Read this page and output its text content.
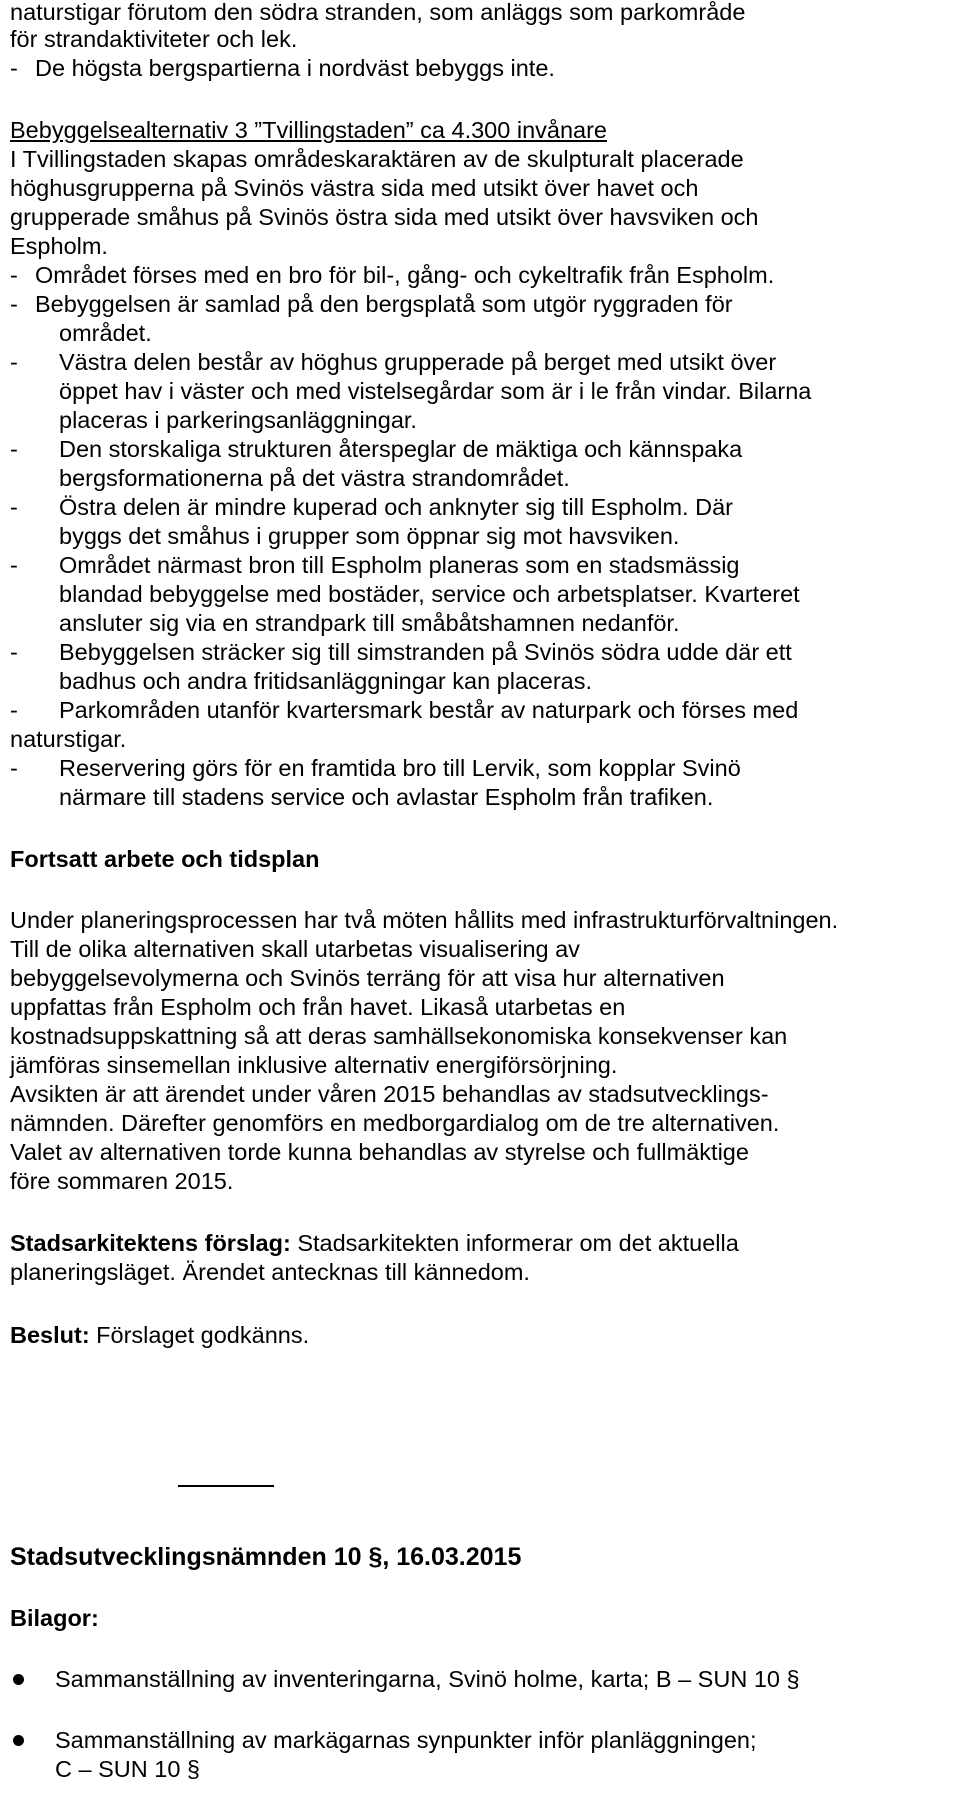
naturstigar förutom den södra stranden, som anläggs som parkområde
för strandaktiviteter och lek.
- De högsta bergspartierna i nordväst bebyggs inte.
Bebyggelsealternativ 3 ”Tvillingstaden” ca 4.300 invånare
I Tvillingstaden skapas områdeskaraktären av de skulpturalt placerade
höghusgrupperna på Svinös västra sida med utsikt över havet och
grupperade småhus på Svinös östra sida med utsikt över havsviken och
Espholm.
- Området förses med en bro för bil-, gång- och cykeltrafik från Espholm.
- Bebyggelsen är samlad på den bergsplatå som utgör ryggraden för
området.
- Västra delen består av höghus grupperade på berget med utsikt över
öppet hav i väster och med vistelsegårdar som är i le från vindar. Bilarna
placeras i parkeringsanläggningar.
- Den storskaliga strukturen återspeglar de mäktiga och kännspaka
bergsformationerna på det västra strandområdet.
- Östra delen är mindre kuperad och anknyter sig till Espholm. Där
byggs det småhus i grupper som öppnar sig mot havsviken.
- Området närmast bron till Espholm planeras som en stadsmässig
blandad bebyggelse med bostäder, service och arbetsplatser. Kvarteret
ansluter sig via en strandpark till småbåtshamnen nedanför.
- Bebyggelsen sträcker sig till simstranden på Svinös södra udde där ett
badhus och andra fritidsanläggningar kan placeras.
- Parkområden utanför kvartersmark består av naturpark och förses med
naturstigar.
- Reservering görs för en framtida bro till Lervik, som kopplar Svinö
närmare till stadens service och avlastar Espholm från trafiken.
Fortsatt arbete och tidsplan
Under planeringsprocessen har två möten hållits med infrastrukturförvaltningen.
Till de olika alternativen skall utarbetas visualisering av
bebyggelsevolymerna och Svinös terräng för att visa hur alternativen
uppfattas från Espholm och från havet. Likaså utarbetas en
kostnadsuppskattning så att deras samhällsekonomiska konsekvenser kan
jämföras sinsemellan inklusive alternativ energiförsörjning.
Avsikten är att ärendet under våren 2015 behandlas av stadsutvecklings-
nämnden. Därefter genomförs en medborgardialog om de tre alternativen.
Valet av alternativen torde kunna behandlas av styrelse och fullmäktige
före sommaren 2015.
Stadsarkitektens förslag: Stadsarkitekten informerar om det aktuella
planeringsläget. Ärendet antecknas till kännedom.
Beslut: Förslaget godkänns.
Stadsutvecklingsnämnden 10 §, 16.03.2015
Bilagor:
Sammanställning av inventeringarna, Svinö holme, karta; B – SUN 10 §
Sammanställning av markägarnas synpunkter inför planläggningen;
C – SUN 10 §
